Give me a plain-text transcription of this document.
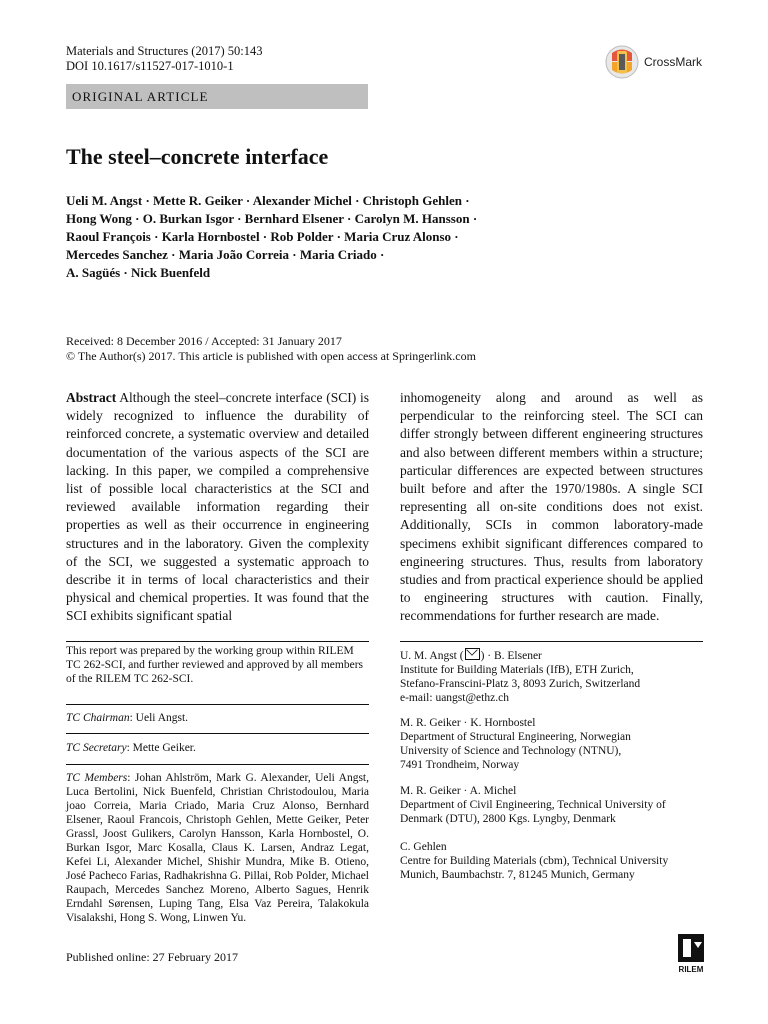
Materials and Structures (2017) 50:143
DOI 10.1617/s11527-017-1010-1	CrossMark
ORIGINAL ARTICLE
The steel–concrete interface
Ueli M. Angst · Mette R. Geiker · Alexander Michel · Christoph Gehlen ·
Hong Wong · O. Burkan Isgor · Bernhard Elsener · Carolyn M. Hansson ·
Raoul François · Karla Hornbostel · Rob Polder · Maria Cruz Alonso ·
Mercedes Sanchez · Maria João Correia · Maria Criado ·
A. Sagüés · Nick Buenfeld
Received: 8 December 2016 / Accepted: 31 January 2017
© The Author(s) 2017. This article is published with open access at Springerlink.com
Abstract Although the steel–concrete interface (SCI) is widely recognized to influence the durability of reinforced concrete, a systematic overview and detailed documentation of the various aspects of the SCI are lacking. In this paper, we compiled a comprehensive list of possible local characteristics at the SCI and reviewed available information regarding their properties as well as their occurrence in engineering structures and in the laboratory. Given the complexity of the SCI, we suggested a systematic approach to describe it in terms of local characteristics and their physical and chemical properties. It was found that the SCI exhibits significant spatial
inhomogeneity along and around as well as perpendicular to the reinforcing steel. The SCI can differ strongly between different engineering structures and also between different members within a structure; particular differences are expected between structures built before and after the 1970/1980s. A single SCI representing all on-site conditions does not exist. Additionally, SCIs in common laboratory-made specimens exhibit significant differences compared to engineering structures. Thus, results from laboratory studies and from practical experience should be applied to engineering structures with caution. Finally, recommendations for further research are made.
This report was prepared by the working group within RILEM TC 262-SCI, and further reviewed and approved by all members of the RILEM TC 262-SCI.
TC Chairman: Ueli Angst.
TC Secretary: Mette Geiker.
TC Members: Johan Ahlström, Mark G. Alexander, Ueli Angst, Luca Bertolini, Nick Buenfeld, Christian Christodoulou, Maria joao Correia, Maria Criado, Maria Cruz Alonso, Bernhard Elsener, Raoul Francois, Christoph Gehlen, Mette Geiker, Peter Grassl, Joost Gulikers, Carolyn Hansson, Karla Hornbostel, O. Burkan Isgor, Marc Kosalla, Claus K. Larsen, Andraz Legat, Kefei Li, Alexander Michel, Shishir Mundra, Mike B. Otieno, José Pacheco Farias, Radhakrishna G. Pillai, Rob Polder, Michael Raupach, Mercedes Sanchez Moreno, Alberto Sagues, Henrik Erndahl Sørensen, Luping Tang, Elsa Vaz Pereira, Talakokula Visalakshi, Hong S. Wong, Linwen Yu.
U. M. Angst ( ) · B. Elsener
Institute for Building Materials (IfB), ETH Zurich,
Stefano-Franscini-Platz 3, 8093 Zurich, Switzerland
e-mail: uangst@ethz.ch
M. R. Geiker · K. Hornbostel
Department of Structural Engineering, Norwegian
University of Science and Technology (NTNU),
7491 Trondheim, Norway
M. R. Geiker · A. Michel
Department of Civil Engineering, Technical University of
Denmark (DTU), 2800 Kgs. Lyngby, Denmark
C. Gehlen
Centre for Building Materials (cbm), Technical University
Munich, Baumbachstr. 7, 81245 Munich, Germany
Published online: 27 February 2017
RILEM
